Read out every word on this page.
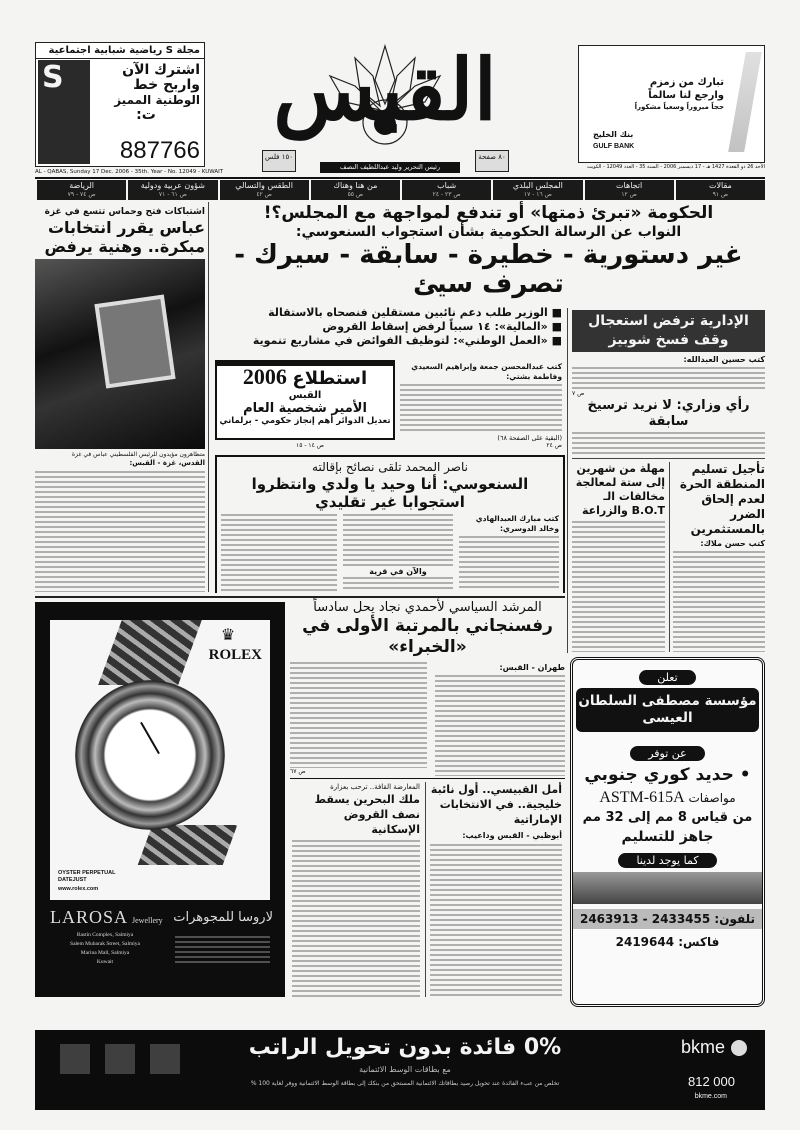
مجلة S رياضية شبابية اجتماعية
S	اشترك الآن
واربح خط
الوطنية المميز
ت:
887766
AL - QABAS, Sunday 17 Dec. 2006 - 35th. Year - No. 12049 - KUWAIT
القبس
١٥٠ فلس	٨٠ صفحة
رئيس التحرير وليد عبداللطيف النصف
تبارك من زمزم
وارجع لنا سالماً
حجاً مبروراً وسعياً مشكوراً
بنك الخليج
GULF BANK
الأحد 26 ذو القعدة 1427 هـ - 17 ديسمبر 2006 - السنة 35 - العدد 12049 - الكويت
مقالات
ص ٩١
اتجاهات
ص ١٢
المجلس البلدي
ص ١٦ - ١٧
شباب
ص ٢٣ - ٢٤
من هنا وهناك
ص ٥٥
الطقس والتسالي
ص ٤٢
شؤون عربية ودولية
ص ٦١ - ٧١
الرياضة
ص ٧٤ - ٧٩
الحكومة «تبرئ ذمتها» أو تندفع لمواجهة مع المجلس؟!
النواب عن الرسالة الحكومية بشأن استجواب السنعوسي:
غير دستورية - خطيرة - سابقة - سيرك - تصرف سيئ
■ الوزير طلب دعم نائبين مستقلين فنصحاه بالاستقالة
■ «المالية»: ١٤ سبباً لرفض إسقاط القروض
■ «العمل الوطني»: لتوظيف الفوائض في مشاريع تنموية
كتب عبدالمحسن جمعة وإبراهيم السعيدي وفاطمة بشتي:
(البقية على الصفحة ٦٨)
ص ٢٤
استطلاع 2006
القبس
الأمير شخصية العام
تعديل الدوائر أهم إنجاز حكومي - برلماني
ص ١٤ - ١٥
ناصر المحمد تلقى نصائح بإقالته
السنعوسي: أنا وحيد يا ولدي وانتظروا استجوابا غير تقليدي
كتب مبارك العبدالهادي وخالد الدوسري:
والآن في قرية
الإدارية ترفض استعجال وقف فسخ شوبيز
كتب حسين العبدالله:
ص ٧
رأي وزاري: لا نريد ترسيخ سابقة
تأجيل تسليم المنطقة الحرة لعدم إلحاق الضرر بالمستثمرين
كتب حسن ملاك:
مهلة من شهرين إلى ستة لمعالجة مخالفات الـ B.O.T والزراعة
اشتباكات فتح وحماس تتسع في غزة
عباس يقرر انتخابات مبكرة.. وهنية يرفض
متظاهرون مؤيدون للرئيس الفلسطيني عباس في غزة
القدس، غزة - القبس:
♛
ROLEX
OYSTER PERPETUAL DATEJUST
www.rolex.com
LAROSA Jewellery
Bastin Complex, Salmiya
Salem Mubarak Street, Salmiya
Marina Mall, Salmiya
Kuwait
لاروسا للمجوهرات
المرشد السياسي لأحمدي نجاد يحل سادساً
رفسنجاني بالمرتبة الأولى في «الخبراء»
طهران - القبس:
ص ٦٧
المعارضة القافة.. ترحب بعزارة
ملك البحرين يسقط نصف القروض الإسكانية
أمل القبيسي.. أول نائبة خليجية.. في الانتخابات الإماراتية
أبوظبي - القبس وداعيب:
تعلن
مؤسسة مصطفى السلطان العيسى
عن توفر
• حديد كوري جنوبي
مواصفات ASTM-615A
من قياس 8 مم إلى 32 مم
جاهز للتسليم
كما يوجد لدينا
تلفون: 2433455 - 2463913
فاكس: 2419644
bkme
0% فائدة بدون تحويل الراتب
مع بطاقات الوسط الائتمانية
تخلص من عبء الفائدة عند تحويل رصيد بطاقاتك الائتمانية المستحق من بنكك إلى بطاقة الوسط الائتمانية ووفر لغاية 100 %	812 000
bkme.com
